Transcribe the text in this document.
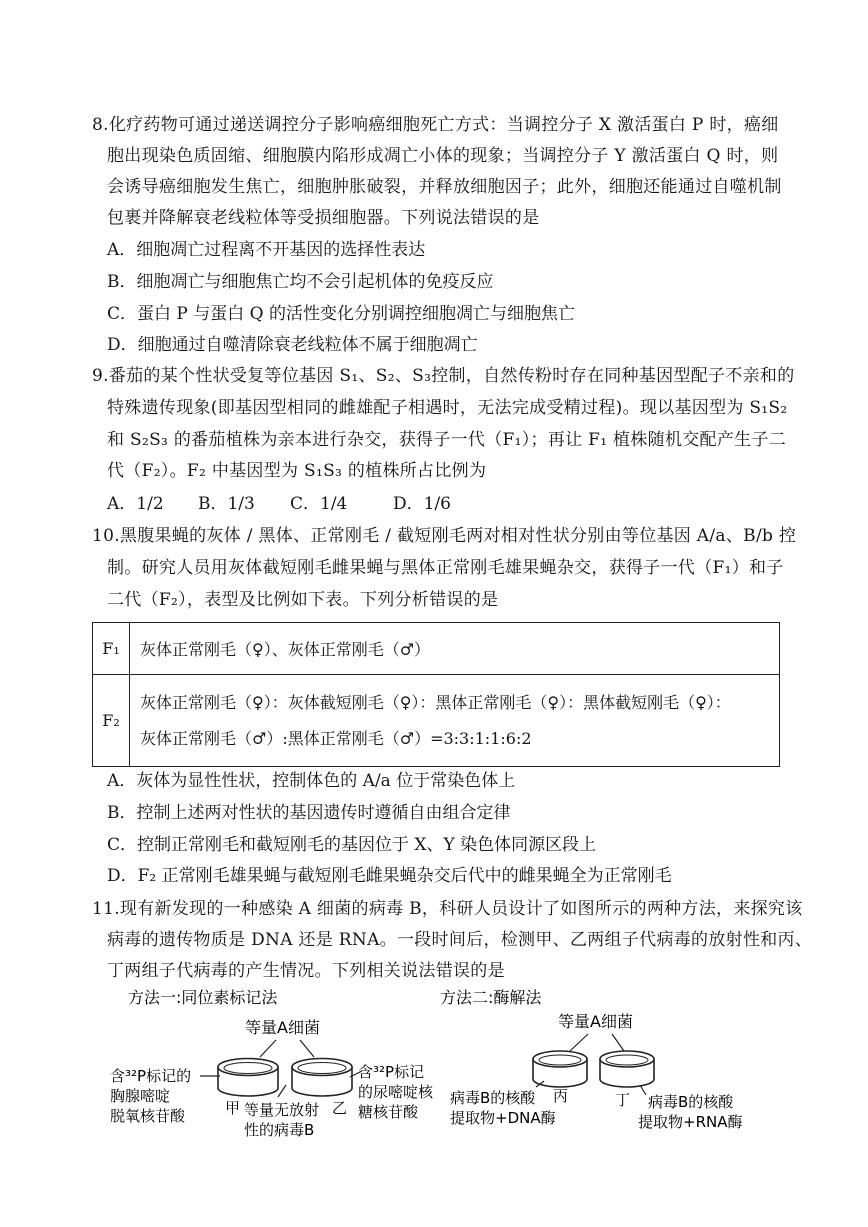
8.化疗药物可通过递送调控分子影响癌细胞死亡方式：当调控分子 X 激活蛋白 P 时，癌细
胞出现染色质固缩、细胞膜内陷形成凋亡小体的现象；当调控分子 Y 激活蛋白 Q 时，则
会诱导癌细胞发生焦亡，细胞肿胀破裂，并释放细胞因子；此外，细胞还能通过自噬机制
包裹并降解衰老线粒体等受损细胞器。下列说法错误的是
A．细胞凋亡过程离不开基因的选择性表达
B．细胞凋亡与细胞焦亡均不会引起机体的免疫反应
C．蛋白 P 与蛋白 Q 的活性变化分别调控细胞凋亡与细胞焦亡
D．细胞通过自噬清除衰老线粒体不属于细胞凋亡
9.番茄的某个性状受复等位基因 S₁、S₂、S₃控制，自然传粉时存在同种基因型配子不亲和的
特殊遗传现象(即基因型相同的雌雄配子相遇时，无法完成受精过程)。现以基因型为 S₁S₂
和 S₂S₃ 的番茄植株为亲本进行杂交，获得子一代（F₁）；再让 F₁ 植株随机交配产生子二
代（F₂）。F₂ 中基因型为 S₁S₃ 的植株所占比例为
A．1/2 B．1/3 C．1/4	D．1/6
10.黑腹果蝇的灰体 / 黑体、正常刚毛 / 截短刚毛两对相对性状分别由等位基因 A/a、B/b 控
制。研究人员用灰体截短刚毛雌果蝇与黑体正常刚毛雄果蝇杂交，获得子一代（F₁）和子
二代（F₂），表型及比例如下表。下列分析错误的是
F₁	灰体正常刚毛（♀）、灰体正常刚毛（♂）
F₂	灰体正常刚毛（♀）：灰体截短刚毛（♀）：黑体正常刚毛（♀）：黑体截短刚毛（♀）：
灰体正常刚毛（♂）:黑体正常刚毛（♂）=3:3:1:1:6:2
A．灰体为显性性状，控制体色的 A/a 位于常染色体上
B．控制上述两对性状的基因遗传时遵循自由组合定律
C．控制正常刚毛和截短刚毛的基因位于 X、Y 染色体同源区段上
D．F₂ 正常刚毛雄果蝇与截短刚毛雌果蝇杂交后代中的雌果蝇全为正常刚毛
11.现有新发现的一种感染 A 细菌的病毒 B，科研人员设计了如图所示的两种方法，来探究该
病毒的遗传物质是 DNA 还是 RNA。一段时间后，检测甲、乙两组子代病毒的放射性和丙、
丁两组子代病毒的产生情况。下列相关说法错误的是
方法一:同位素标记法	方法二:酶解法
等量A细菌
含³²P标记的
胸腺嘧啶
脱氧核苷酸
含³²P标记
的尿嘧啶核
糖核苷酸
甲	乙
等量无放射
性的病毒B
等量A细菌
丙	丁
病毒B的核酸
提取物+DNA酶
病毒B的核酸
提取物+RNA酶
